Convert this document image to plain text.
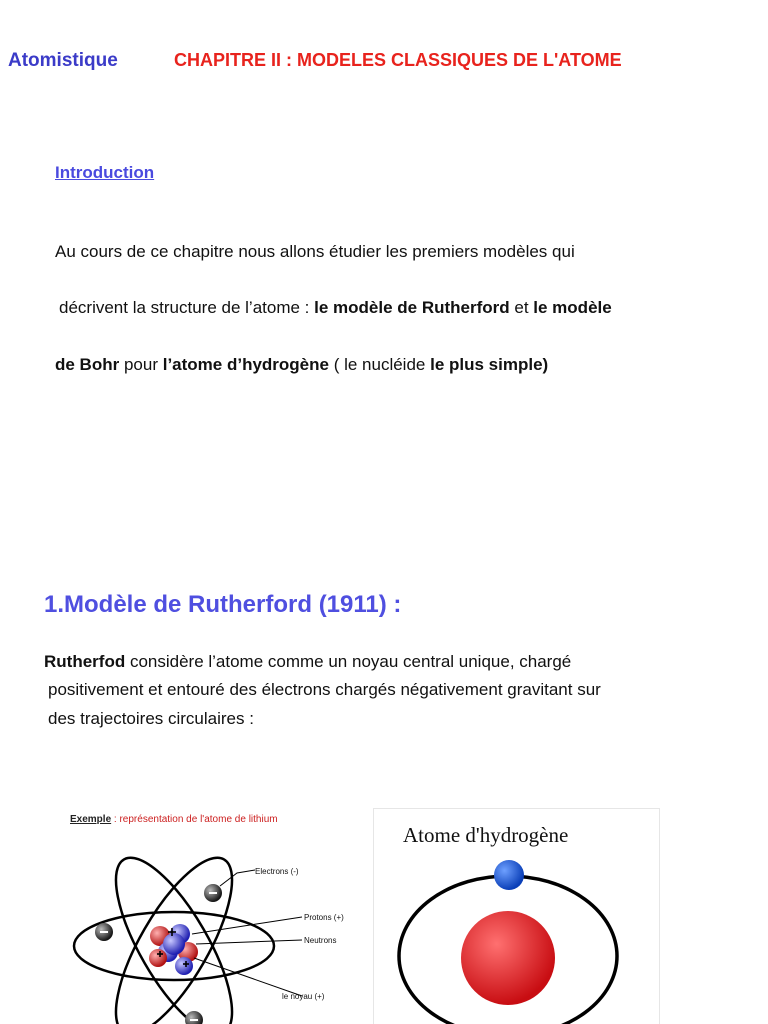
Atomistique	CHAPITRE II : MODELES CLASSIQUES DE L'ATOME
Introduction
Au cours de ce chapitre nous allons étudier les premiers modèles qui
décrivent la structure de l’atome : le modèle de Rutherford et le modèle
de Bohr pour l’atome d’hydrogène ( le nucléide le plus simple)
1.Modèle de Rutherford (1911) :
Rutherfod considère l’atome comme un noyau central unique, chargé
positivement et entouré des électrons chargés négativement gravitant sur
des trajectoires circulaires :
Exemple : représentation de l'atome de lithium
Electrons (-)
Protons (+)
Neutrons
le noyau (+)
Atome d'hydrogène
